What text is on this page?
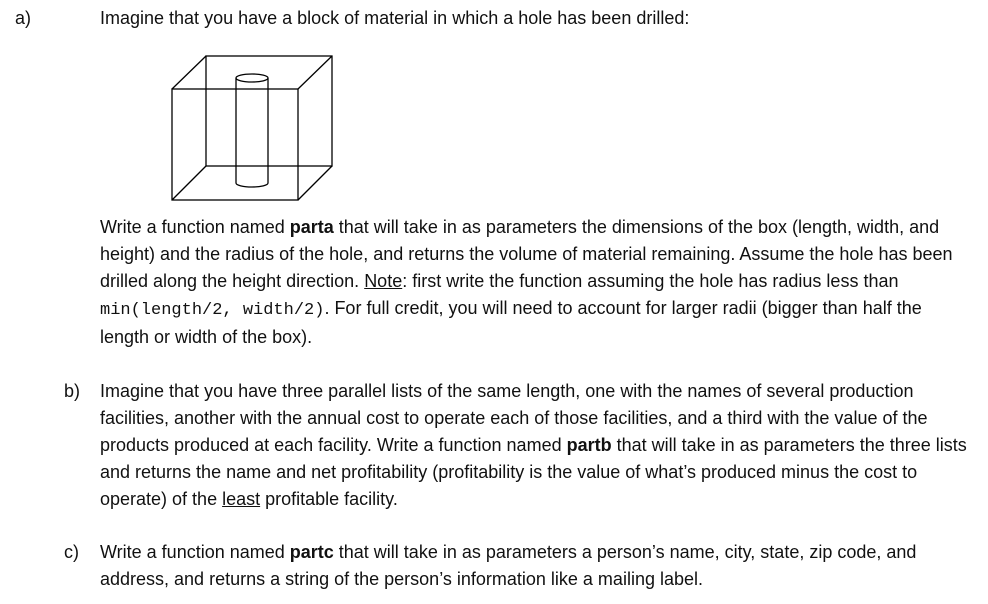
a)	Imagine that you have a block of material in which a hole has been drilled:
Write a function named parta that will take in as parameters the dimensions of the box (length, width, and height) and the radius of the hole, and returns the volume of material remaining. Assume the hole has been drilled along the height direction. Note: first write the function assuming the hole has radius less than min(length/2, width/2). For full credit, you will need to account for larger radii (bigger than half the length or width of the box).
b) Imagine that you have three parallel lists of the same length, one with the names of several production facilities, another with the annual cost to operate each of those facilities, and a third with the value of the products produced at each facility. Write a function named partb that will take in as parameters the three lists and returns the name and net profitability (profitability is the value of what’s produced minus the cost to operate) of the least profitable facility.
c) Write a function named partc that will take in as parameters a person’s name, city, state, zip code, and address, and returns a string of the person’s information like a mailing label.
